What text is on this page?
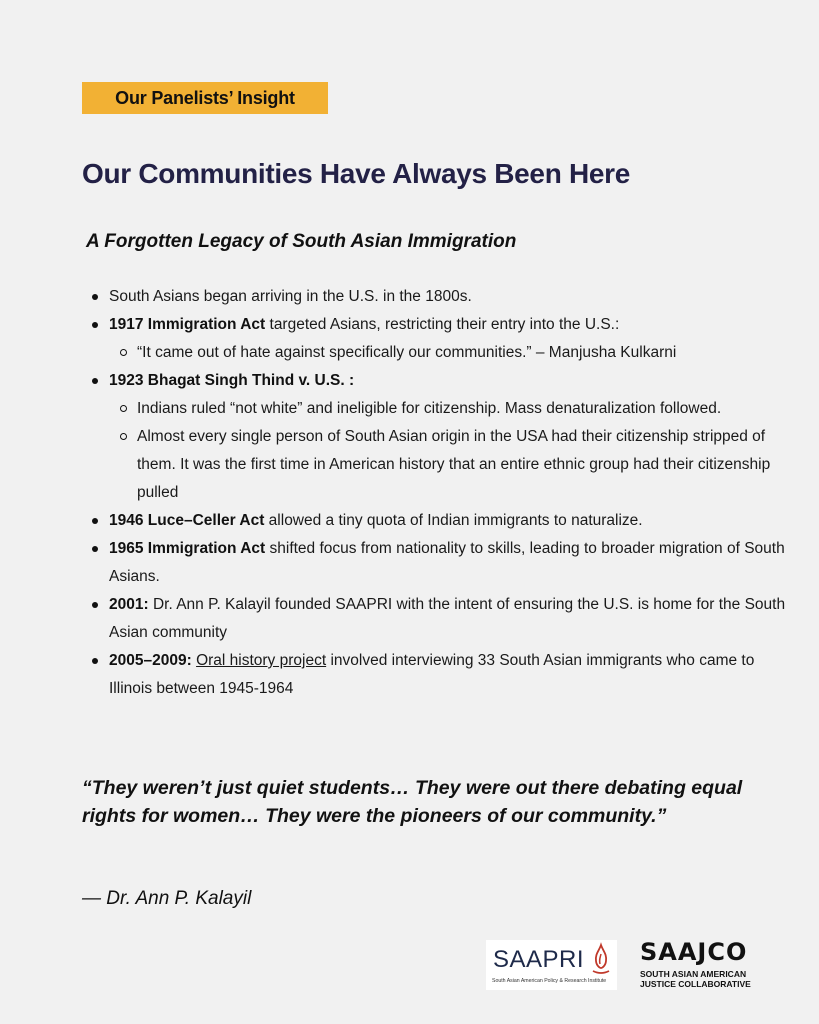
Our Panelists’ Insight
Our Communities Have Always Been Here
A Forgotten Legacy of South Asian Immigration
South Asians began arriving in the U.S. in the 1800s.
1917 Immigration Act targeted Asians, restricting their entry into the U.S.:
“It came out of hate against specifically our communities.” – Manjusha Kulkarni
1923 Bhagat Singh Thind v. U.S. :
Indians ruled “not white” and ineligible for citizenship. Mass denaturalization followed.
Almost every single person of South Asian origin in the USA had their citizenship stripped of them. It was the first time in American history that an entire ethnic group had their citizenship pulled
1946 Luce–Celler Act allowed a tiny quota of Indian immigrants to naturalize.
1965 Immigration Act shifted focus from nationality to skills, leading to broader migration of South Asians.
2001: Dr. Ann P. Kalayil founded SAAPRI with the intent of ensuring the U.S. is home for the South Asian community
2005–2009: Oral history project involved interviewing 33 South Asian immigrants who came to Illinois between 1945-1964

“They weren’t just quiet students… They were out there debating equal rights for women… They were the pioneers of our community.”

— Dr. Ann P. Kalayil

SAAPRI
South Asian American Policy & Research Institute
SAAJCO
SOUTH ASIAN AMERICAN
JUSTICE COLLABORATIVE
